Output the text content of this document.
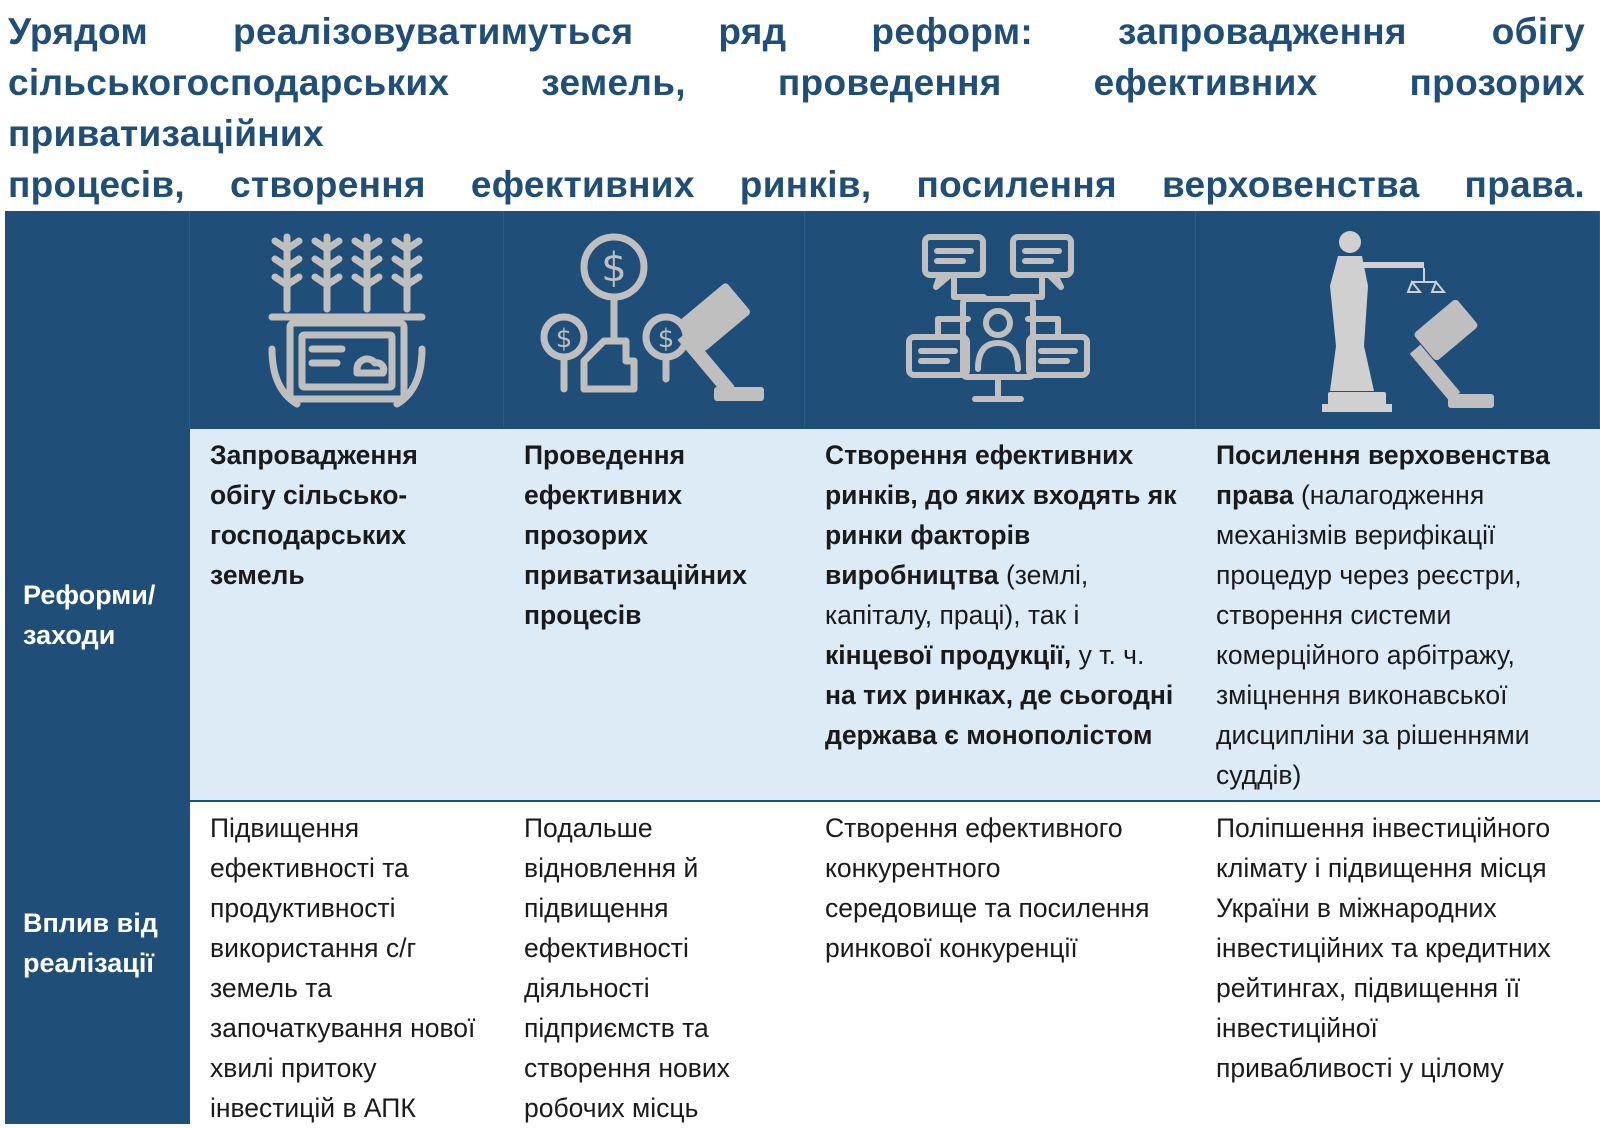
Урядом реалізовуватимуться ряд реформ: запровадження обігу
сільськогосподарських земель, проведення ефективних прозорих приватизаційних
процесів, створення ефективних ринків, посилення верховенства права.

$
$	$
Реформи/
заходи
Запровадження
обігу сільсько-
господарських
земель
Проведення
ефективних
прозорих
приватизаційних
процесів
Створення ефективних
ринків, до яких входять як
ринки факторів
виробництва (землі,
капіталу, праці), так і
кінцевої продукції, у т. ч.
на тих ринках, де сьогодні
держава є монополістом
Посилення верховенства
права (налагодження
механізмів верифікації
процедур через реєстри,
створення системи
комерційного арбітражу,
зміцнення виконавської
дисципліни за рішеннями
суддів)
Вплив від
реалізації
Підвищення
ефективності та
продуктивності
використання с/г
земель та
започаткування нової
хвилі притоку
інвестицій в АПК
Подальше
відновлення й
підвищення
ефективності
діяльності
підприємств та
створення нових
робочих місць
Створення ефективного
конкурентного
середовище та посилення
ринкової конкуренції
Поліпшення інвестиційного
клімату і підвищення місця
України в міжнародних
інвестиційних та кредитних
рейтингах, підвищення її
інвестиційної
привабливості у цілому
